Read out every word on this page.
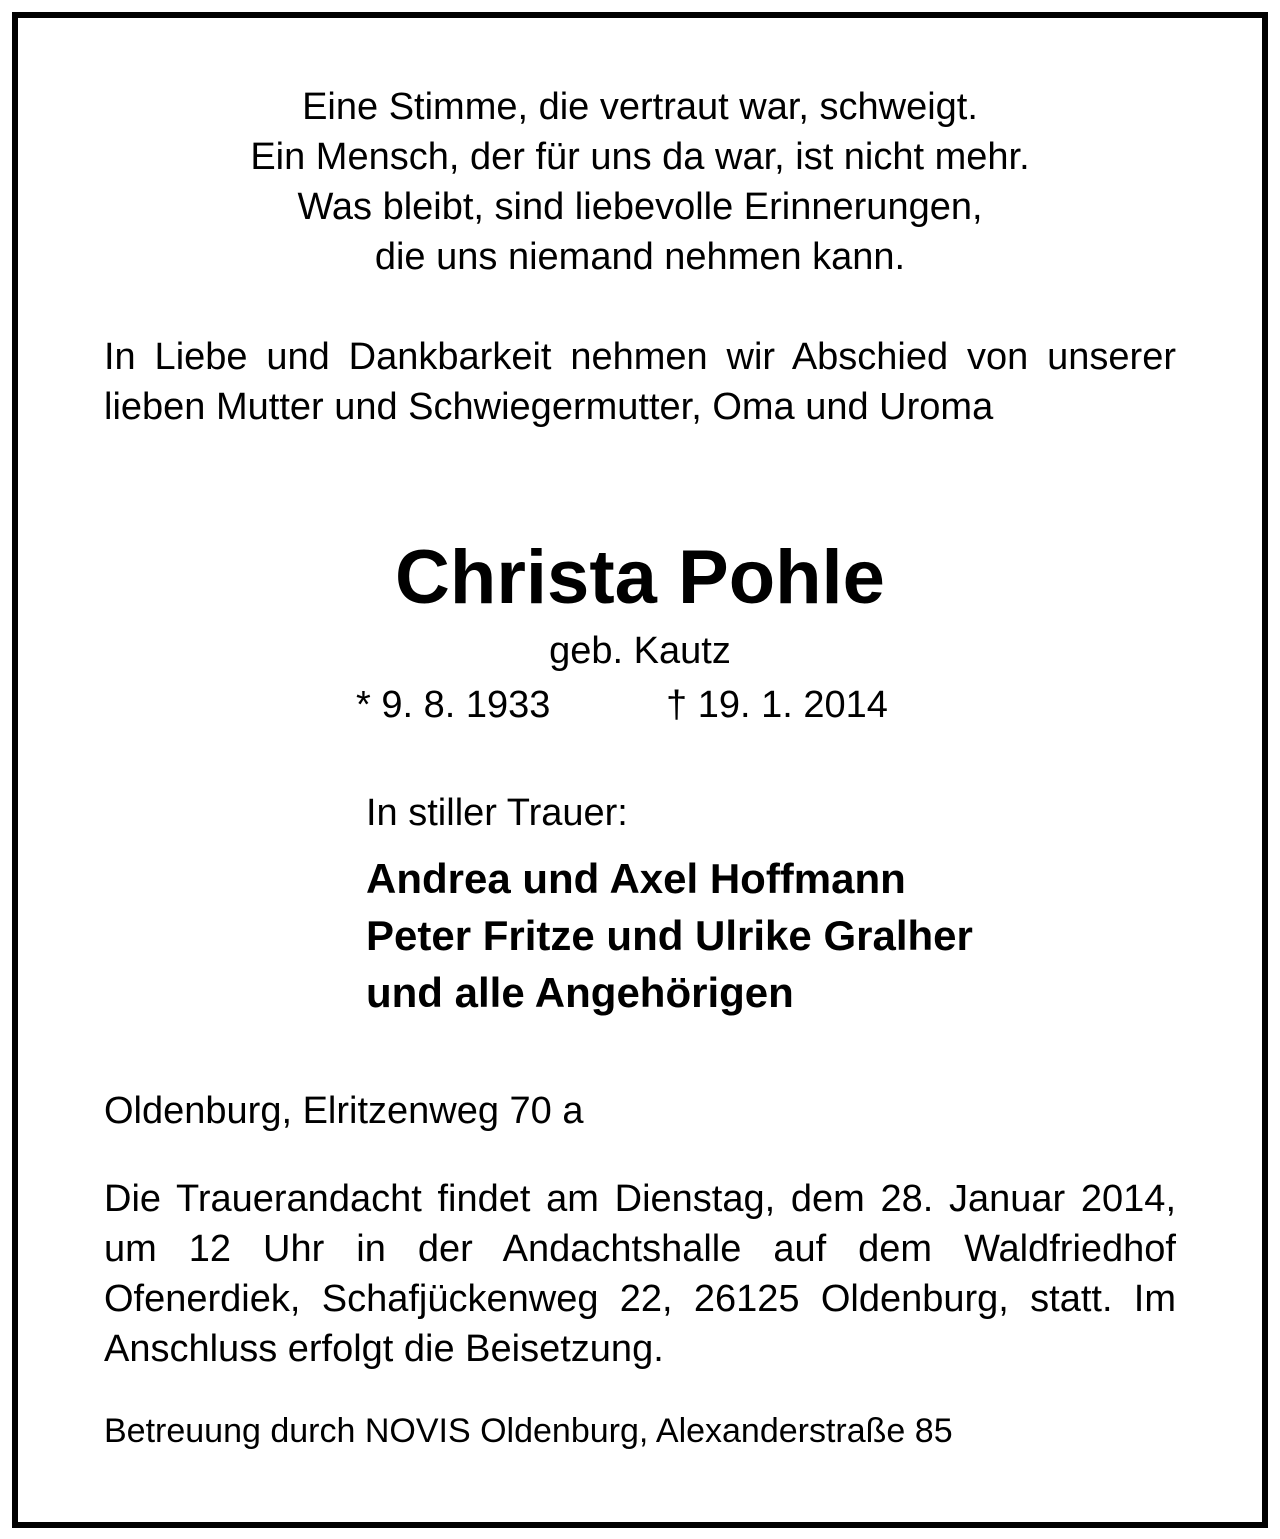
Eine Stimme, die vertraut war, schweigt.
Ein Mensch, der für uns da war, ist nicht mehr.
Was bleibt, sind liebevolle Erinnerungen,
die uns niemand nehmen kann.
In Liebe und Dankbarkeit nehmen wir Abschied von unserer lieben Mutter und Schwiegermutter, Oma und Uroma
Christa Pohle
geb. Kautz
* 9. 8. 1933	† 19. 1. 2014
In stiller Trauer:
Andrea und Axel Hoffmann
Peter Fritze und Ulrike Gralher
und alle Angehörigen
Oldenburg, Elritzenweg 70 a
Die Trauerandacht findet am Dienstag, dem 28. Januar 2014, um 12 Uhr in der Andachtshalle auf dem Waldfriedhof Ofenerdiek, Schafjückenweg 22, 26125 Oldenburg, statt. Im Anschluss erfolgt die Beisetzung.
Betreuung durch NOVIS Oldenburg, Alexanderstraße 85
